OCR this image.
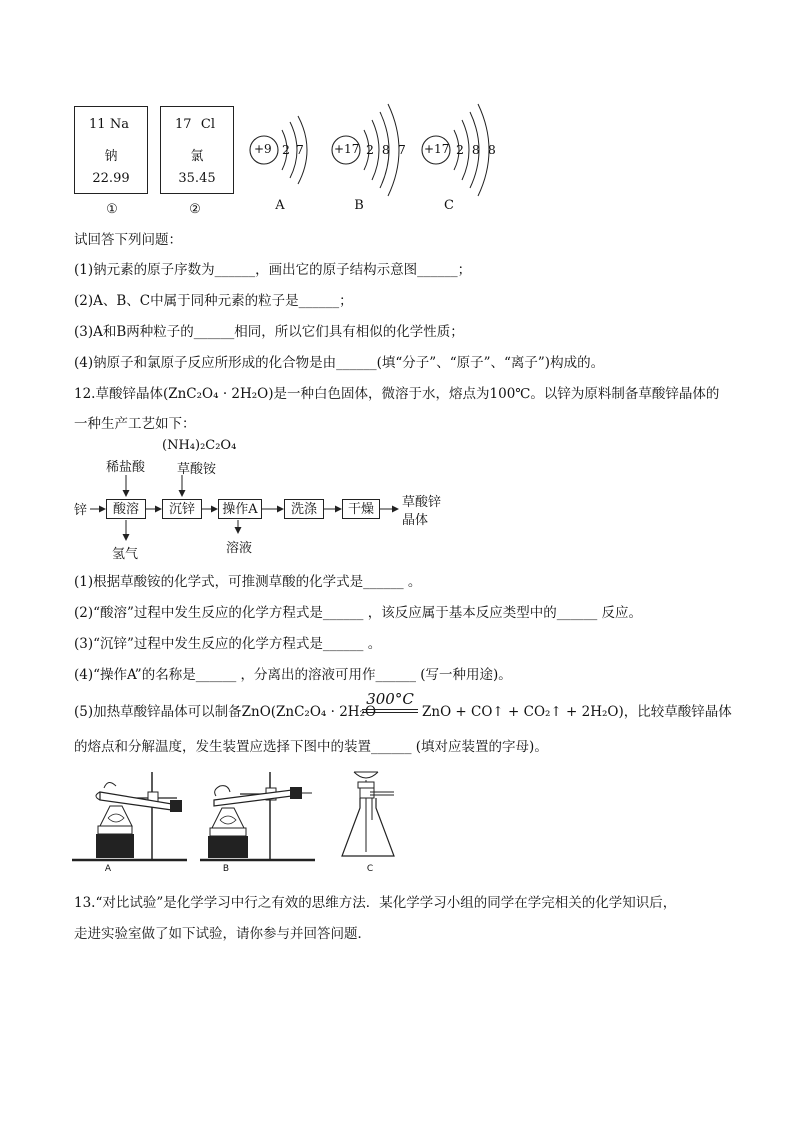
11 Na
钠
22.99
①
17 Cl
氯
35.45
②
+9 2 7
A
+17 2 8 7
B
+17 2 8 8
C
试回答下列问题：
(1)钠元素的原子序数为______，画出它的原子结构示意图______；
(2)A、B、C中属于同种元素的粒子是______；
(3)A和B两种粒子的______相同，所以它们具有相似的化学性质；
(4)钠原子和氯原子反应所形成的化合物是由______(填“分子”、“原子”、“离子”)构成的。
12.草酸锌晶体(ZnC₂O₄ · 2H₂O)是一种白色固体，微溶于水，熔点为100℃。以锌为原料制备草酸锌晶体的
一种生产工艺如下：
(NH₄)₂C₂O₄
稀盐酸 草酸铵
锌	酸溶	沉锌	操作A	洗涤	干燥	草酸锌
晶体
氢气	溶液
(1)根据草酸铵的化学式，可推测草酸的化学式是______ 。
(2)“酸溶”过程中发生反应的化学方程式是______ ，该反应属于基本反应类型中的______ 反应。
(3)“沉锌”过程中发生反应的化学方程式是______ 。
(4)“操作A”的名称是______ ，分离出的溶液可用作______ (写一种用途)。
(5)加热草酸锌晶体可以制备ZnO(ZnC₂O₄ · 2H₂O
300°C
ZnO + CO↑ + CO₂↑ + 2H₂O)，比较草酸锌晶体
的熔点和分解温度，发生装置应选择下图中的装置______ (填对应装置的字母)。
A	B	C
13.“对比试验”是化学学习中行之有效的思维方法．某化学学习小组的同学在学完相关的化学知识后，
走进实验室做了如下试验，请你参与并回答问题．
